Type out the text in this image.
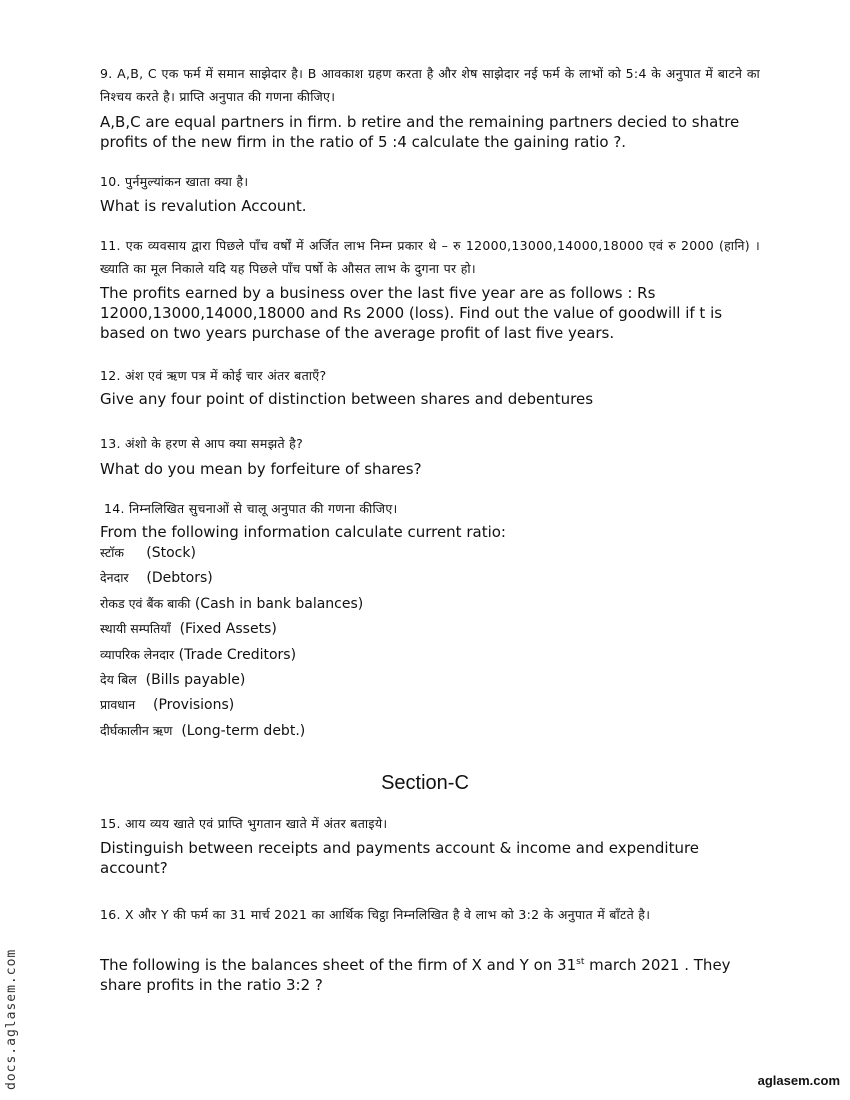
9. A,B, C एक फर्म में समान साझेदार है। B आवकाश ग्रहण करता है और शेष साझेदार नई फर्म के लाभों को 5:4 के अनुपात में बाटने का निश्चय करते है। प्राप्ति अनुपात की गणना कीजिए।
A,B,C are equal partners in firm. b retire and the remaining partners decied to shatre profits of the new firm in the ratio of 5 :4 calculate the gaining ratio ?.
10. पुर्नमुल्यांकन खाता क्या है।
What is revalution Account.
11. एक व्यवसाय द्वारा पिछले पाँच वर्षों में अर्जित लाभ निम्न प्रकार थे – रु 12000,13000,14000,18000 एवं रु 2000 (हानि) । ख्याति का मूल निकाले यदि यह पिछले पाँच पर्षो के औसत लाभ के दुगना पर हो।
The profits earned by a business over the last five year are as follows : Rs 12000,13000,14000,18000 and Rs 2000 (loss). Find out the value of goodwill if t is based on two years purchase of the average profit of last five years.
12. अंश एवं ऋण पत्र में कोई चार अंतर बताएँ?
Give any four point of distinction between shares and debentures
13. अंशो के हरण से आप क्या समझते है?
What do you mean by forfeiture of shares?
14. निम्नलिखित सुचनाओं से चालू अनुपात की गणना कीजिए।
From the following information calculate current ratio:
स्टॉक (Stock)
देनदार (Debtors)
रोकड एवं बैंक बाकी (Cash in bank balances)
स्थायी सम्पतियाँ (Fixed Assets)
व्यापरिक लेनदार (Trade Creditors)
देय बिल (Bills payable)
प्रावधान (Provisions)
दीर्घकालीन ऋण (Long-term debt.)
Section-C
15. आय व्यय खाते एवं प्राप्ति भुगतान खाते में अंतर बताइये।
Distinguish between receipts and payments account & income and expenditure account?
16. X और Y की फर्म का 31 मार्च 2021 का आर्थिक चिट्ठा निम्नलिखित है वे लाभ को 3:2 के अनुपात में बाँटते है।
The following is the balances sheet of the firm of X and Y on 31st march 2021 . They share profits in the ratio 3:2 ?
docs.aglasem.com	aglasem.com
